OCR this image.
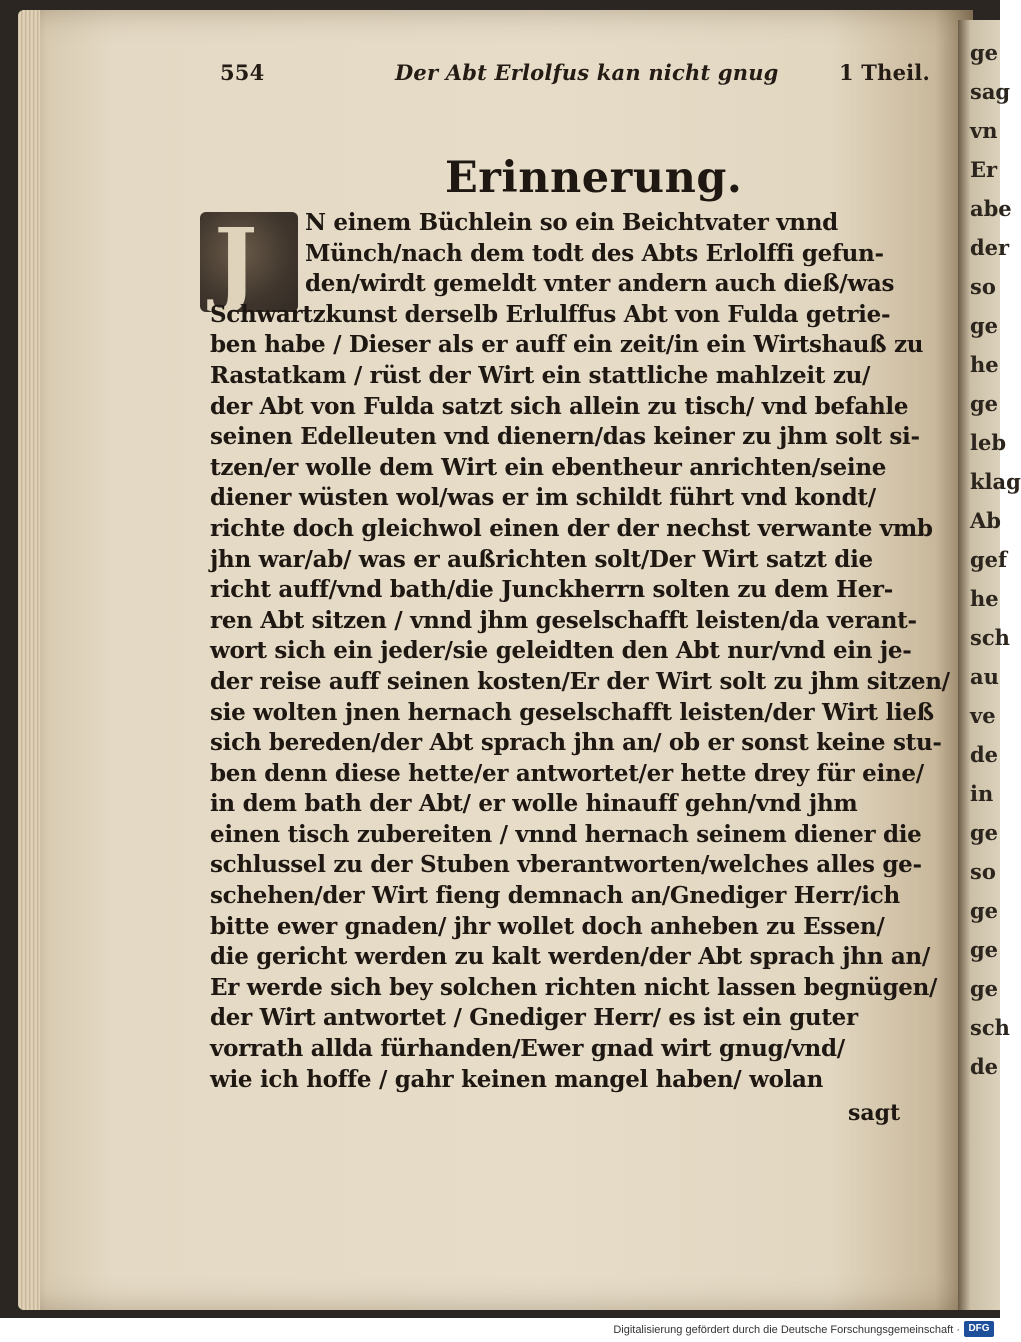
ge
sag
vn
Er
abe
der
so
ge
he
ge
leb
klag
Ab
gef
he
sch
au
ve
de
in
ge
so
ge
ge
ge
sch
de
554	Der Abt Erlolfus kan nicht gnug	1 Theil.
Erinnerung.
J	N einem Büchlein so ein Beichtvater vnnd
Münch/nach dem todt des Abts Erlolffi gefun-
den/wirdt gemeldt vnter andern auch dieß/was
Schwartzkunst derselb Erlulffus Abt von Fulda getrie-
ben habe / Dieser als er auff ein zeit/in ein Wirtshauß zu
Rastatkam / rüst der Wirt ein stattliche mahlzeit zu/
der Abt von Fulda satzt sich allein zu tisch/ vnd befahle
seinen Edelleuten vnd dienern/das keiner zu jhm solt si-
tzen/er wolle dem Wirt ein ebentheur anrichten/seine
diener wüsten wol/was er im schildt führt vnd kondt/
richte doch gleichwol einen der der nechst verwante vmb
jhn war/ab/ was er außrichten solt/Der Wirt satzt die
richt auff/vnd bath/die Junckherrn solten zu dem Her-
ren Abt sitzen / vnnd jhm geselschafft leisten/da verant-
wort sich ein jeder/sie geleidten den Abt nur/vnd ein je-
der reise auff seinen kosten/Er der Wirt solt zu jhm sitzen/
sie wolten jnen hernach geselschafft leisten/der Wirt ließ
sich bereden/der Abt sprach jhn an/ ob er sonst keine stu-
ben denn diese hette/er antwortet/er hette drey für eine/
in dem bath der Abt/ er wolle hinauff gehn/vnd jhm
einen tisch zubereiten / vnnd hernach seinem diener die
schlussel zu der Stuben vberantworten/welches alles ge-
schehen/der Wirt fieng demnach an/Gnediger Herr/ich
bitte ewer gnaden/ jhr wollet doch anheben zu Essen/
die gericht werden zu kalt werden/der Abt sprach jhn an/
Er werde sich bey solchen richten nicht lassen begnügen/
der Wirt antwortet / Gnediger Herr/ es ist ein guter
vorrath allda fürhanden/Ewer gnad wirt gnug/vnd/
wie ich hoffe / gahr keinen mangel haben/ wolan
sagt
Digitalisierung gefördert durch die Deutsche Forschungsgemeinschaft · DFG
